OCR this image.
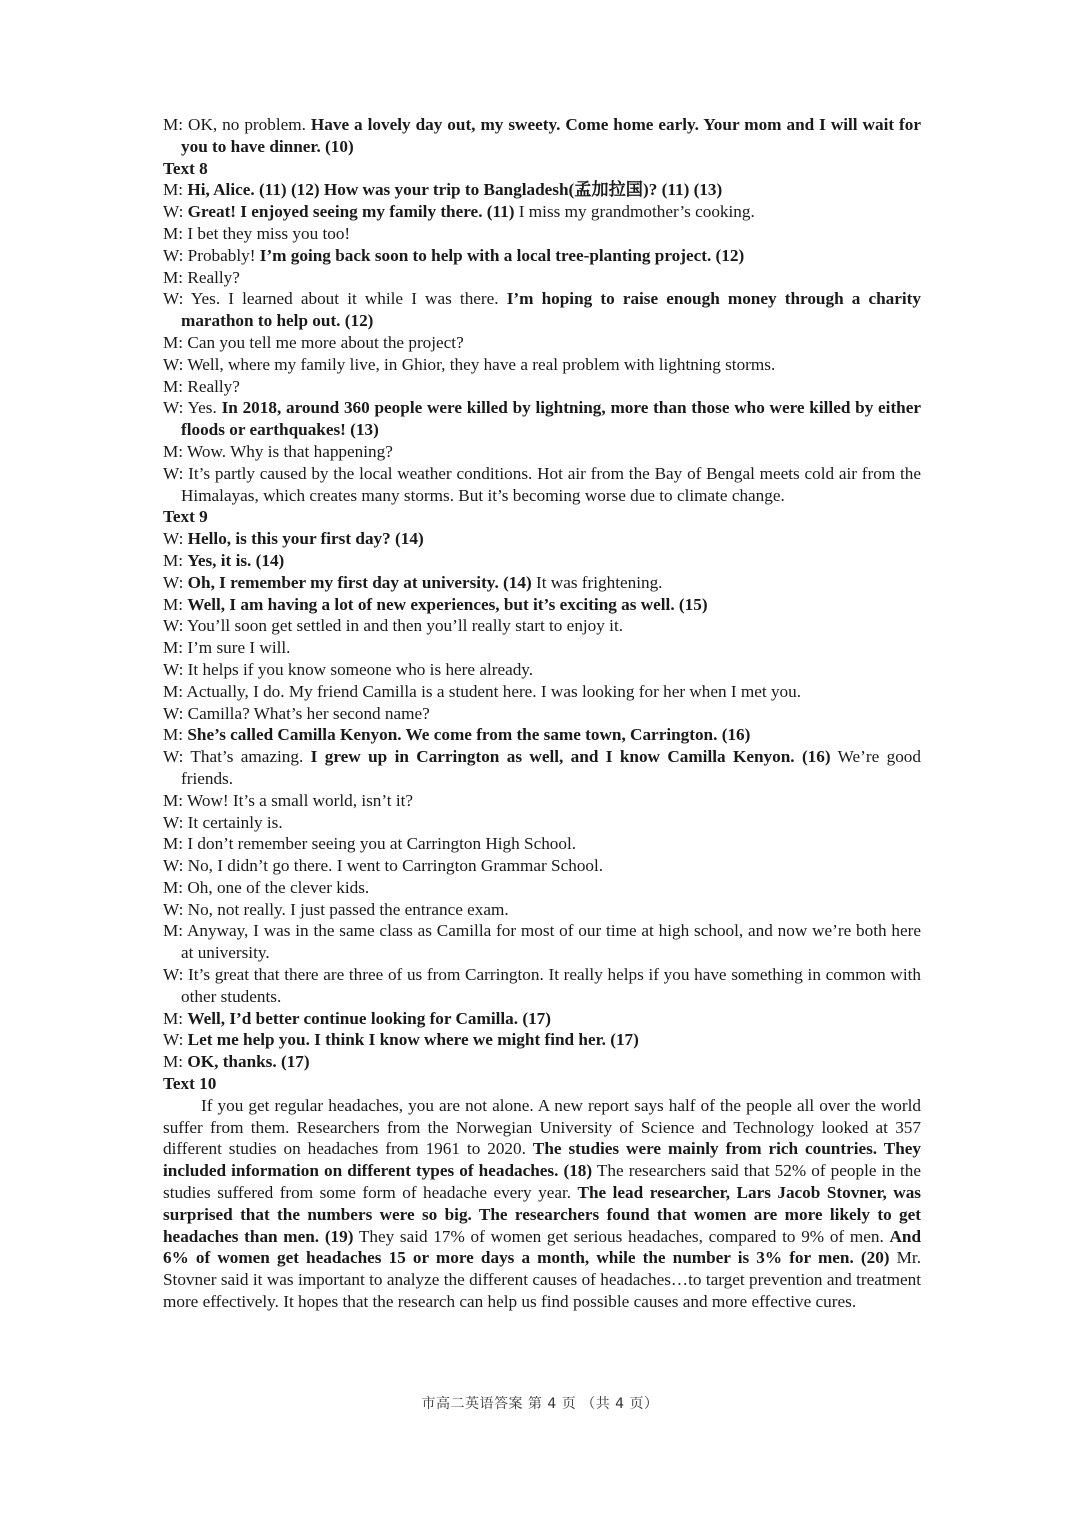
M: OK, no problem. Have a lovely day out, my sweety. Come home early. Your mom and I will wait for you to have dinner. (10)
Text 8
M: Hi, Alice. (11) (12) How was your trip to Bangladesh(孟加拉国)? (11) (13)
W: Great! I enjoyed seeing my family there. (11) I miss my grandmother’s cooking.
M: I bet they miss you too!
W: Probably! I’m going back soon to help with a local tree-planting project. (12)
M: Really?
W: Yes. I learned about it while I was there. I’m hoping to raise enough money through a charity marathon to help out. (12)
M: Can you tell me more about the project?
W: Well, where my family live, in Ghior, they have a real problem with lightning storms.
M: Really?
W: Yes. In 2018, around 360 people were killed by lightning, more than those who were killed by either floods or earthquakes! (13)
M: Wow. Why is that happening?
W: It’s partly caused by the local weather conditions. Hot air from the Bay of Bengal meets cold air from the Himalayas, which creates many storms. But it’s becoming worse due to climate change.
Text 9
W: Hello, is this your first day? (14)
M: Yes, it is. (14)
W: Oh, I remember my first day at university. (14) It was frightening.
M: Well, I am having a lot of new experiences, but it’s exciting as well. (15)
W: You’ll soon get settled in and then you’ll really start to enjoy it.
M: I’m sure I will.
W: It helps if you know someone who is here already.
M: Actually, I do. My friend Camilla is a student here. I was looking for her when I met you.
W: Camilla? What’s her second name?
M: She’s called Camilla Kenyon. We come from the same town, Carrington. (16)
W: That’s amazing. I grew up in Carrington as well, and I know Camilla Kenyon. (16) We’re good friends.
M: Wow! It’s a small world, isn’t it?
W: It certainly is.
M: I don’t remember seeing you at Carrington High School.
W: No, I didn’t go there. I went to Carrington Grammar School.
M: Oh, one of the clever kids.
W: No, not really. I just passed the entrance exam.
M: Anyway, I was in the same class as Camilla for most of our time at high school, and now we’re both here at university.
W: It’s great that there are three of us from Carrington. It really helps if you have something in common with other students.
M: Well, I’d better continue looking for Camilla. (17)
W: Let me help you. I think I know where we might find her. (17)
M: OK, thanks. (17)
Text 10
If you get regular headaches, you are not alone. A new report says half of the people all over the world suffer from them. Researchers from the Norwegian University of Science and Technology looked at 357 different studies on headaches from 1961 to 2020. The studies were mainly from rich countries. They included information on different types of headaches. (18) The researchers said that 52% of people in the studies suffered from some form of headache every year. The lead researcher, Lars Jacob Stovner, was surprised that the numbers were so big. The researchers found that women are more likely to get headaches than men. (19) They said 17% of women get serious headaches, compared to 9% of men. And 6% of women get headaches 15 or more days a month, while the number is 3% for men. (20) Mr. Stovner said it was important to analyze the different causes of headaches…to target prevention and treatment more effectively. It hopes that the research can help us find possible causes and more effective cures.
市高二英语答案 第 4 页 （共 4 页）
